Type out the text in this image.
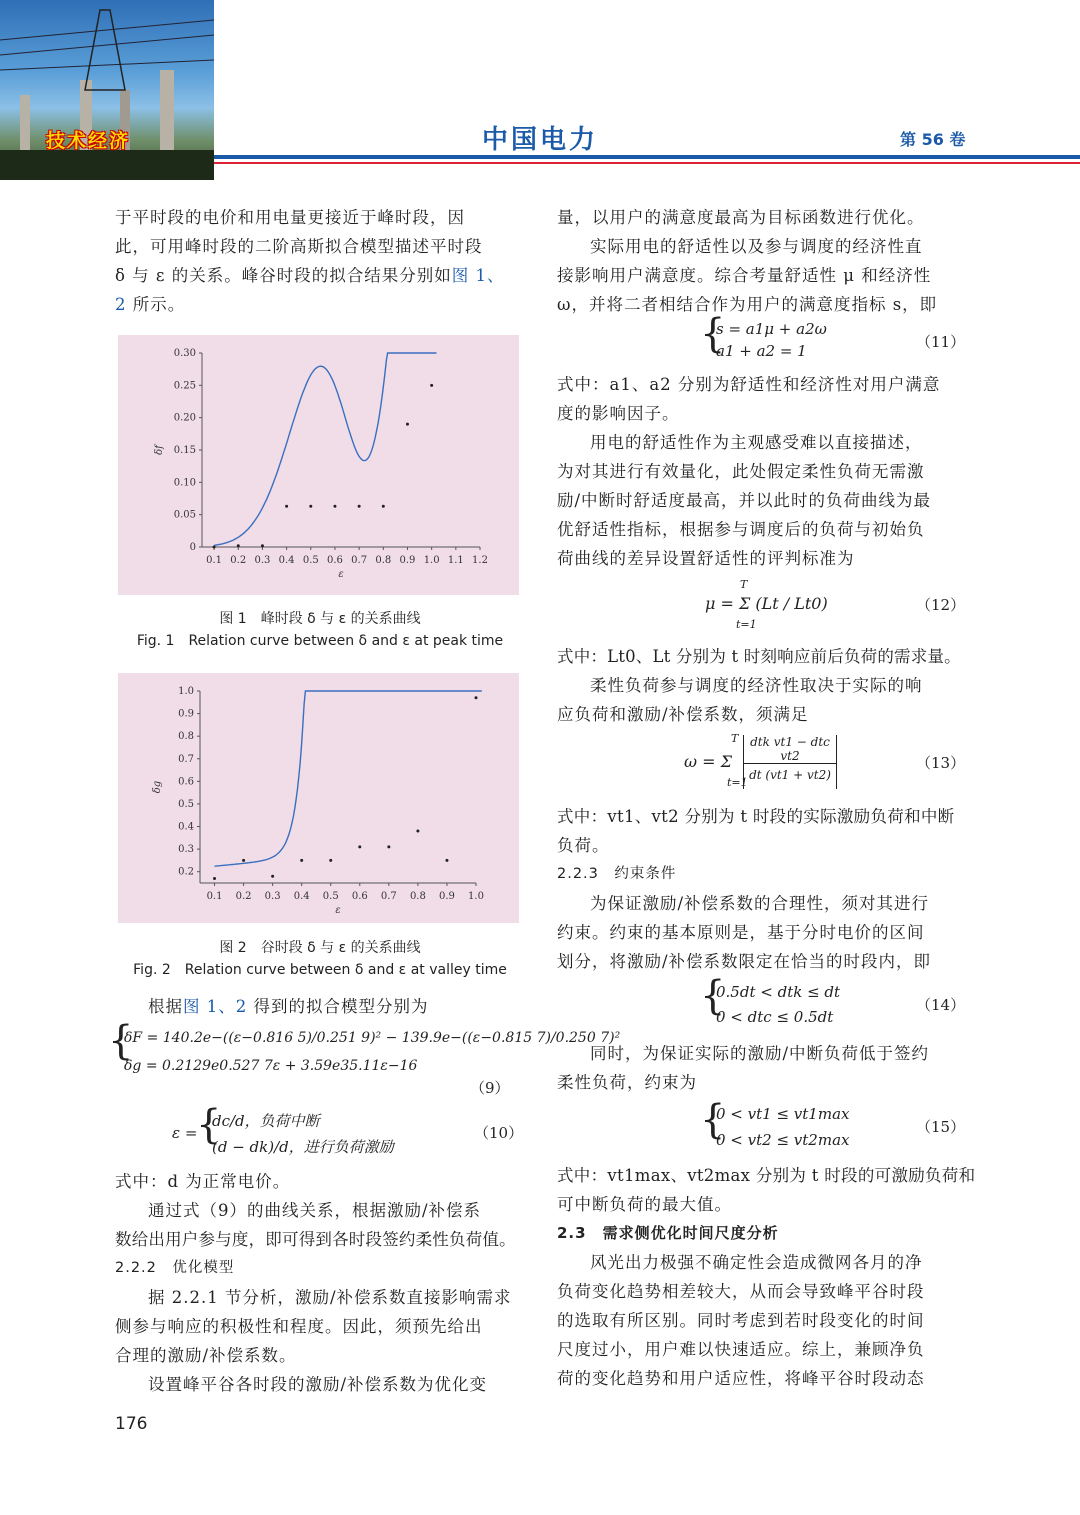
技术经济	中国电力	第 56 卷

于平时段的电价和用电量更接近于峰时段，因

此，可用峰时段的二阶高斯拟合模型描述平时段

δ 与 ε 的关系。峰谷时段的拟合结果分别如图 1、

2 所示。

0.1 0.2 0.3 0.4 0.5 0.6 0.7 0.8 0.9 1.0 1.1 1.2
0
0.05
0.10
0.15
0.20
0.25
0.30
ε
δf
图 1　峰时段 δ 与 ε 的关系曲线
Fig. 1　Relation curve between δ and ε at peak time
0.1 0.2 0.3 0.4 0.5 0.6 0.7 0.8 0.9 1.0
0.2
0.3
0.4
0.5
0.6
0.7
0.8
0.9
1.0
ε
δg
图 2　谷时段 δ 与 ε 的关系曲线
Fig. 2　Relation curve between δ and ε at valley time

根据图 1、2 得到的拟合模型分别为

{
δF = 140.2e−((ε−0.816 5)/0.251 9)² − 139.9e−((ε−0.815 7)/0.250 7)²
δg = 0.2129e0.527 7ε + 3.59e35.11ε−16
（9）
ε =
{
dc/d，负荷中断
(d − dk)/d，进行负荷激励
（10）

式中：d 为正常电价。

通过式（9）的曲线关系，根据激励/补偿系

数给出用户参与度，即可得到各时段签约柔性负荷值。

2.2.2　优化模型

据 2.2.1 节分析，激励/补偿系数直接影响需求

侧参与响应的积极性和程度。因此，须预先给出

合理的激励/补偿系数。

设置峰平谷各时段的激励/补偿系数为优化变

量，以用户的满意度最高为目标函数进行优化。

实际用电的舒适性以及参与调度的经济性直

接影响用户满意度。综合考量舒适性 μ 和经济性

ω，并将二者相结合作为用户的满意度指标 s，即

{
s = a1μ + a2ω
a1 + a2 = 1	（11）

式中：a1、a2 分别为舒适性和经济性对用户满意

度的影响因子。

用电的舒适性作为主观感受难以直接描述，

为对其进行有效量化，此处假定柔性负荷无需激

励/中断时舒适度最高，并以此时的负荷曲线为最

优舒适性指标，根据参与调度后的负荷与初始负

荷曲线的差异设置舒适性的评判标准为

T
μ = Σ (Lt / Lt0)
t=1
（12）

式中：Lt0、Lt 分别为 t 时刻响应前后负荷的需求量。

柔性负荷参与调度的经济性取决于实际的响

应负荷和激励/补偿系数，须满足

T
ω = Σ
t=1
dtk vt1 − dtc vt2
dt (vt1 + vt2)
（13）

式中：vt1、vt2 分别为 t 时段的实际激励负荷和中断

负荷。

2.2.3　约束条件

为保证激励/补偿系数的合理性，须对其进行

约束。约束的基本原则是，基于分时电价的区间

划分，将激励/补偿系数限定在恰当的时段内，即

{
0.5dt < dtk ≤ dt
0 < dtc ≤ 0.5dt
（14）

同时，为保证实际的激励/中断负荷低于签约

柔性负荷，约束为

{
0 < vt1 ≤ vt1max
0 < vt2 ≤ vt2max
（15）

式中：vt1max、vt2max 分别为 t 时段的可激励负荷和

可中断负荷的最大值。

2.3　需求侧优化时间尺度分析

风光出力极强不确定性会造成微网各月的净

负荷变化趋势相差较大，从而会导致峰平谷时段

的选取有所区别。同时考虑到若时段变化的时间

尺度过小，用户难以快速适应。综上，兼顾净负

荷的变化趋势和用户适应性，将峰平谷时段动态

176
